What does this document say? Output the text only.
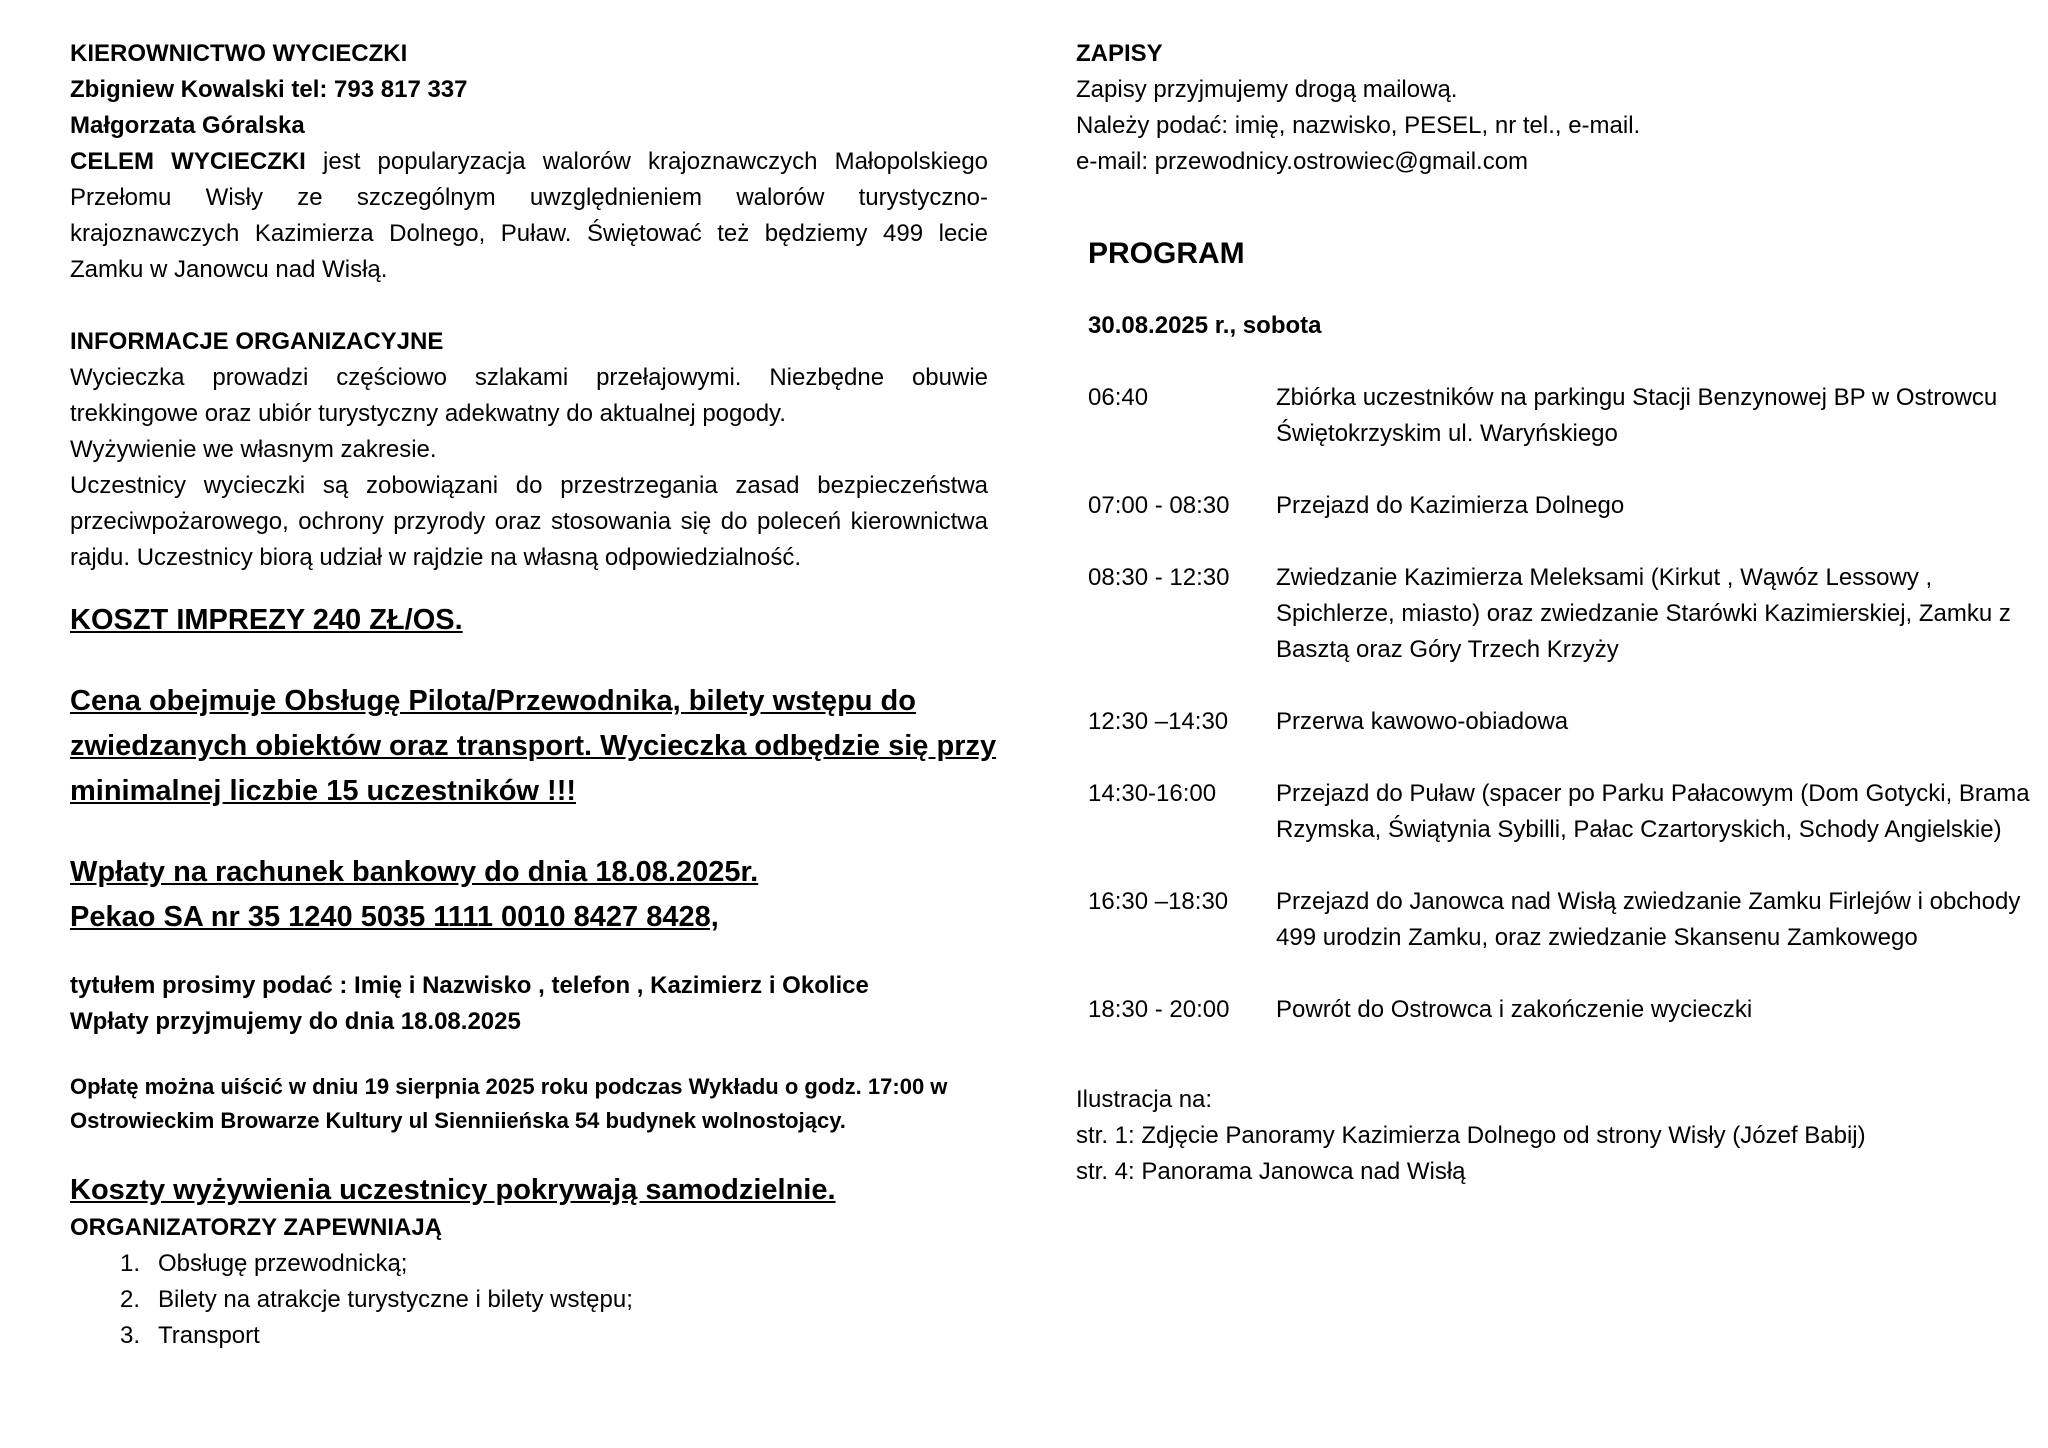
KIEROWNICTWO WYCIECZKI

Zbigniew Kowalski tel: 793 817 337

Małgorzata Góralska

CELEM WYCIECZKI jest popularyzacja walorów krajoznawczych Małopolskiego Przełomu Wisły ze szczególnym uwzględnieniem walorów turystyczno-krajoznawczych Kazimierza Dolnego, Puław. Świętować też będziemy 499 lecie Zamku w Janowcu nad Wisłą.

INFORMACJE ORGANIZACYJNE

Wycieczka prowadzi częściowo szlakami przełajowymi. Niezbędne obuwie trekkingowe oraz ubiór turystyczny adekwatny do aktualnej pogody.

Wyżywienie we własnym zakresie.

Uczestnicy wycieczki są zobowiązani do przestrzegania zasad bezpieczeństwa przeciwpożarowego, ochrony przyrody oraz stosowania się do poleceń kierownictwa rajdu. Uczestnicy biorą udział w rajdzie na własną odpowiedzialność.

KOSZT IMPREZY 240 ZŁ/OS.

Cena obejmuje Obsługę Pilota/Przewodnika, bilety wstępu do

zwiedzanych obiektów oraz transport. Wycieczka odbędzie się przy

minimalnej liczbie 15 uczestników !!!

Wpłaty na rachunek bankowy do dnia 18.08.2025r.

Pekao SA nr 35 1240 5035 1111 0010 8427 8428,

tytułem prosimy podać : Imię i Nazwisko , telefon , Kazimierz i Okolice

Wpłaty przyjmujemy do dnia 18.08.2025

Opłatę można uiścić w dniu 19 sierpnia 2025 roku podczas Wykładu o godz. 17:00 w

Ostrowieckim Browarze Kultury ul Sienniieńska 54 budynek wolnostojący.

Koszty wyżywienia uczestnicy pokrywają samodzielnie.

ORGANIZATORZY ZAPEWNIAJĄ

1. Obsługę przewodnicką;
2. Bilety na atrakcje turystyczne i bilety wstępu;
3. Transport

ZAPISY

Zapisy przyjmujemy drogą mailową.

Należy podać: imię, nazwisko, PESEL, nr tel., e-mail.

e-mail: przewodnicy.ostrowiec@gmail.com

PROGRAM

30.08.2025 r., sobota

06:40	Zbiórka uczestników na parkingu Stacji Benzynowej BP w Ostrowcu Świętokrzyskim ul. Waryńskiego
07:00 - 08:30	Przejazd do Kazimierza Dolnego
08:30 - 12:30	Zwiedzanie Kazimierza Meleksami (Kirkut , Wąwóz Lessowy , Spichlerze, miasto) oraz zwiedzanie Starówki Kazimierskiej, Zamku z Basztą oraz Góry Trzech Krzyży
12:30 –14:30	Przerwa kawowo-obiadowa
14:30-16:00	Przejazd do Puław (spacer po Parku Pałacowym (Dom Gotycki, Brama Rzymska, Świątynia Sybilli, Pałac Czartoryskich, Schody Angielskie)
16:30 –18:30	Przejazd do Janowca nad Wisłą zwiedzanie Zamku Firlejów i obchody 499 urodzin Zamku, oraz zwiedzanie Skansenu Zamkowego
18:30 - 20:00	Powrót do Ostrowca i zakończenie wycieczki

Ilustracja na:

str. 1: Zdjęcie Panoramy Kazimierza Dolnego od strony Wisły (Józef Babij)

str. 4: Panorama Janowca nad Wisłą
